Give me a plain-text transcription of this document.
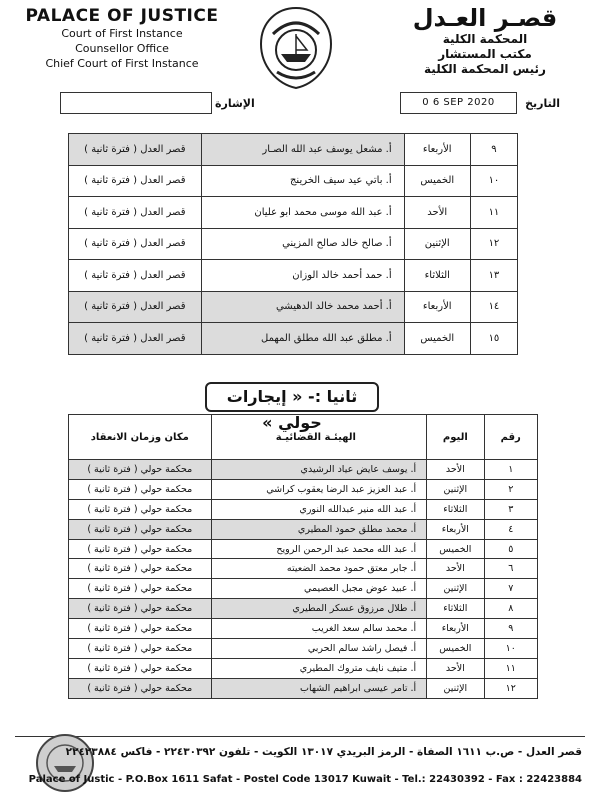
PALACE OF JUSTICE
Court of First Instance
Counsellor Office
Chief Court of First Instance
قصـر العـدل
المحكمة الكلية
مكتب المستشار
رئيس المحكمة الكلية
الإشارة	0 6 SEP 2020	التاريخ
٩	الأربعاء	أ. مشعل يوسف عبد الله الصـار	قصر العدل ( فترة ثانية )
١٠	الخميس	أ. باتي عيد سيف الخرينج	قصر العدل ( فترة ثانية )
١١	الأحد	أ. عبد الله موسى محمد ابو عليان	قصر العدل ( فترة ثانية )
١٢	الإثنين	أ. صالح خالد صالح المزيني	قصر العدل ( فترة ثانية )
١٣	الثلاثاء	أ. حمد أحمد خالد الوزان	قصر العدل ( فترة ثانية )
١٤	الأربعاء	أ. أحمد محمد خالد الدهيشي	قصر العدل ( فترة ثانية )
١٥	الخميس	أ. مطلق عبد الله مطلق المهمل	قصر العدل ( فترة ثانية )
ثانيا :- « إيجارات حولي »
رقم	اليوم	الهيئـة القضائيـة	مكان وزمان الانعقاد
١	الأحد	أ. يوسف عايض عياد الرشيدي	محكمة حولي ( فترة ثانية )
٢	الإثنين	أ. عبد العزيز عبد الرضا يعقوب كراشي	محكمة حولي ( فترة ثانية )
٣	الثلاثاء	أ. عبد الله منير عبدالله النوري	محكمة حولي ( فترة ثانية )
٤	الأربعاء	أ. محمد مطلق حمود المطيري	محكمة حولي ( فترة ثانية )
٥	الخميس	أ. عبد الله محمد عبد الرحمن الرويح	محكمة حولي ( فترة ثانية )
٦	الأحد	أ. جابر معتق حمود محمد الضعيته	محكمة حولي ( فترة ثانية )
٧	الإثنين	أ. عبيد عوض مجبل العصيمي	محكمة حولي ( فترة ثانية )
٨	الثلاثاء	أ. طلال مرزوق عسكر المطيري	محكمة حولي ( فترة ثانية )
٩	الأربعاء	أ. محمد سالم سعد الغريب	محكمة حولي ( فترة ثانية )
١٠	الخميس	أ. فيصل راشد سالم الحربي	محكمة حولي ( فترة ثانية )
١١	الأحد	أ. متيف نايف متروك المطيري	محكمة حولي ( فترة ثانية )
١٢	الإثنين	أ. تامر عيسى ابراهيم الشهاب	محكمة حولي ( فترة ثانية )
قصر العدل - ص.ب ١٦١١ الصفاة - الرمز البريدي ١٣٠١٧ الكويت - تلفون ٢٢٤٣٠٣٩٢ - فاكس ٢٢٤٢٣٨٨٤
Palace of Justic - P.O.Box 1611 Safat - Postel Code 13017 Kuwait - Tel.: 22430392 - Fax : 22423884
